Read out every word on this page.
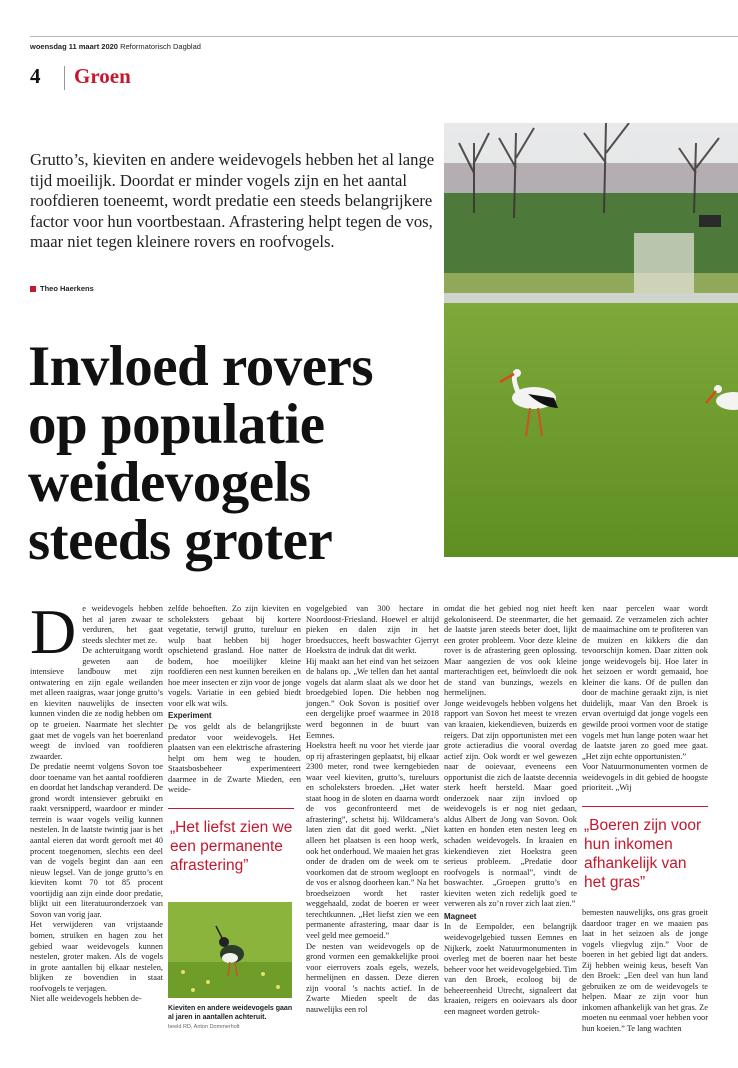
woensdag 11 maart 2020 Reformatorisch Dagblad
4 Groen
Grutto’s, kieviten en andere weidevogels hebben het al lange tijd moeilijk. Doordat er minder vogels zijn en het aantal roofdieren toeneemt, wordt predatie een steeds belangrijkere factor voor hun voortbestaan. Afrastering helpt tegen de vos, maar niet tegen kleinere rovers en roofvogels.
Theo Haerkens
Invloed rovers
op populatie
weidevogels
steeds groter
D e weidevogels hebben het al jaren zwaar te verduren, het gaat steeds slechter met ze.

De achteruitgang wordt geweten aan de intensieve landbouw met zijn ontwatering en zijn egale weilanden met alleen raaigras, waar jonge grutto’s en kieviten nauwelijks de insecten kunnen vinden die ze nodig hebben om op te groeien. Naarmate het slechter gaat met de vogels van het boerenland weegt de invloed van roofdieren zwaarder.

De predatie neemt volgens Sovon toe door toename van het aantal roofdieren en doordat het landschap veranderd. De grond wordt intensiever gebruikt en raakt versnipperd, waardoor er minder terrein is waar vogels veilig kunnen nestelen. In de laatste twintig jaar is het aantal eieren dat wordt gerooft met 40 procent toegenomen, slechts een deel van de vogels begint dan aan een nieuw legsel. Van de jonge grutto’s en kieviten komt 70 tot 85 procent voortijdig aan zijn einde door predatie, blijkt uit een literatuuronderzoek van Sovon van vorig jaar.

Het verwijderen van vrijstaande bomen, struiken en hagen zou het gebied waar weidevogels kunnen nestelen, groter maken. Als de vogels in grote aantallen bij elkaar nestelen, blijken ze bovendien in staat roofvogels te verjagen.

Niet alle weidevogels hebben de-

zelfde behoeften. Zo zijn kieviten en scholeksters gebaat bij kortere vegetatie, terwijl grutto, tureluur en wulp baat hebben bij hoger opschietend grasland. Hoe natter de bodem, hoe moeilijker kleine roofdieren een nest kunnen bereiken en hoe meer insecten er zijn voor de jonge vogels. Variatie in een gebied biedt voor elk wat wils.

Experiment

De vos geldt als de belangrijkste predator voor weidevogels. Het plaatsen van een elektrische afrastering helpt om hem weg te houden. Staatsbosbeheer experimenteert daarmee in de Zwarte Mieden, een weide-

„Het liefst zien we een permanente afrastering”
Kieviten en andere weidevogels gaan al jaren in aantallen achteruit.
beeld RD, Anton Dommerholt

vogelgebied van 300 hectare in Noordoost-Friesland. Hoewel er altijd pieken en dalen zijn in het broedsucces, heeft boswachter Gjerryt Hoekstra de indruk dat dit werkt.

Hij maakt aan het eind van het seizoen de balans op. „We tellen dan het aantal vogels dat alarm slaat als we door het broedgebied lopen. Die hebben nog jongen.” Ook Sovon is positief over een dergelijke proef waarmee in 2018 werd begonnen in de buurt van Eemnes.

Hoekstra heeft nu voor het vierde jaar op rij afrasteringen geplaatst, bij elkaar 2300 meter, rond twee kerngebieden waar veel kieviten, grutto’s, tureluurs en scholeksters broeden. „Het water staat hoog in de sloten en daarna wordt de vos geconfronteerd met de afrastering”, schetst hij. Wildcamera’s laten zien dat dit goed werkt. „Niet alleen het plaatsen is een hoop werk, ook het onderhoud. We maaien het gras onder de draden om de week om te voorkomen dat de stroom wegloopt en de vos er alsnog doorheen kan.” Na het broedseizoen wordt het raster weggehaald, zodat de boeren er weer terechtkunnen. „Het liefst zien we een permanente afrastering, maar daar is veel geld mee gemoeid.”

De nesten van weidevogels op de grond vormen een gemakkelijke prooi voor eierrovers zoals egels, wezels, hermelijnen en dassen. Deze dieren zijn vooral ’s nachts actief. In de Zwarte Mieden speelt de das nauwelijks een rol

omdat die het gebied nog niet heeft gekoloniseerd. De steenmarter, die het de laatste jaren steeds beter doet, lijkt een groter probleem. Voor deze kleine rover is de afrastering geen oplossing. Maar aangezien de vos ook kleine marterachtigen eet, beïnvloedt die ook de stand van bunzings, wezels en hermelijnen.

Jonge weidevogels hebben volgens het rapport van Sovon het meest te vrezen van kraaien, kiekendieven, buizerds en reigers. Dat zijn opportunisten met een grote actieradius die vooral overdag actief zijn. Ook wordt er wel gewezen naar de ooievaar, eveneens een opportunist die zich de laatste decennia sterk heeft hersteld. Maar goed onderzoek naar zijn invloed op weidevogels is er nog niet gedaan, aldus Albert de Jong van Sovon. Ook katten en honden eten nesten leeg en schaden weidevogels. In kraaien en kiekendieven ziet Hoekstra geen serieus probleem. „Predatie door roofvogels is normaal”, vindt de boswachter. „Groepen grutto’s en kieviten weten zich redelijk goed te verweren als zo’n rover zich laat zien.”

Magneet

In de Eempolder, een belangrijk weidevogelgebied tussen Eemnes en Nijkerk, zoekt Natuurmonumenten in overleg met de boeren naar het beste beheer voor het weidevogelgebied. Tim van den Broek, ecoloog bij de beheereenheid Utrecht, signaleert dat kraaien, reigers en ooievaars als door een magneet worden getrok-

ken naar percelen waar wordt gemaaid. Ze verzamelen zich achter de maaimachine om te profiteren van de muizen en kikkers die dan tevoorschijn komen. Daar zitten ook jonge weidevogels bij. Hoe later in het seizoen er wordt gemaaid, hoe kleiner die kans. Of de pullen dan door de machine geraakt zijn, is niet duidelijk, maar Van den Broek is ervan overtuigd dat jonge vogels een gewilde prooi vormen voor de statige vogels met hun lange poten waar het de laatste jaren zo goed mee gaat. „Het zijn echte opportunisten.”

Voor Natuurmonumenten vormen de weidevogels in dit gebied de hoogste prioriteit. „Wij

„Boeren zijn voor hun inkomen afhankelijk van het gras”

bemesten nauwelijks, ons gras groeit daardoor trager en we maaien pas laat in het seizoen als de jonge vogels vliegvlug zijn.” Voor de boeren in het gebied ligt dat anders. Zij hebben weinig keus, beseft Van den Broek: „Een deel van hun land gebruiken ze om de weidevogels te helpen. Maar ze zijn voor hun inkomen afhankelijk van het gras. Ze moeten nu eenmaal voer hebben voor hun koeien.” Te lang wachten
